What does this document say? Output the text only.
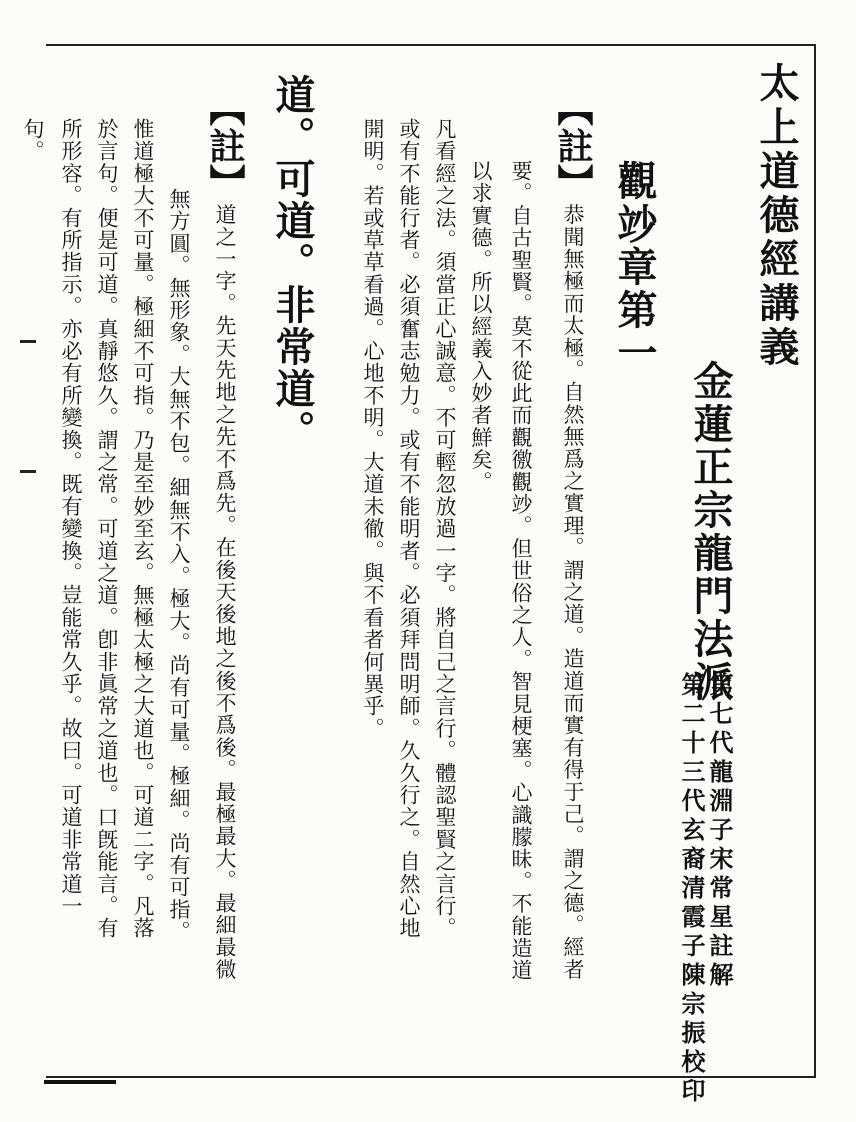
太上道德經講義
金蓮正宗龍門法派
第七代龍淵子宋常星註解
第二十三代玄裔清霞子陳宗振校印
觀竗章第一
【註】恭聞無極而太極。自然無爲之實理。謂之道。造道而實有得于己。謂之德。經者
要。自古聖賢。莫不從此而觀徼觀竗。但世俗之人。智見梗塞。心識朦昧。不能造道
以求實德。所以經義入妙者鮮矣。
凡看經之法。須當正心誠意。不可輕忽放過一字。將自己之言行。體認聖賢之言行。
或有不能行者。必須奮志勉力。或有不能明者。必須拜問明師。久久行之。自然心地
開明。若或草草看過。心地不明。大道未徹。與不看者何異乎。
道。可道。非常道。
【註】道之一字。先天先地之先不爲先。在後天後地之後不爲後。最極最大。最細最微
無方圓。無形象。大無不包。細無不入。極大。尚有可量。極細。尚有可指。
惟道極大不可量。極細不可指。乃是至妙至玄。無極太極之大道也。可道二字。凡落
於言句。便是可道。真靜悠久。謂之常。可道之道。卽非眞常之道也。口旣能言。有
所形容。有所指示。亦必有所變換。既有變換。豈能常久乎。故曰。可道非常道一
句。
